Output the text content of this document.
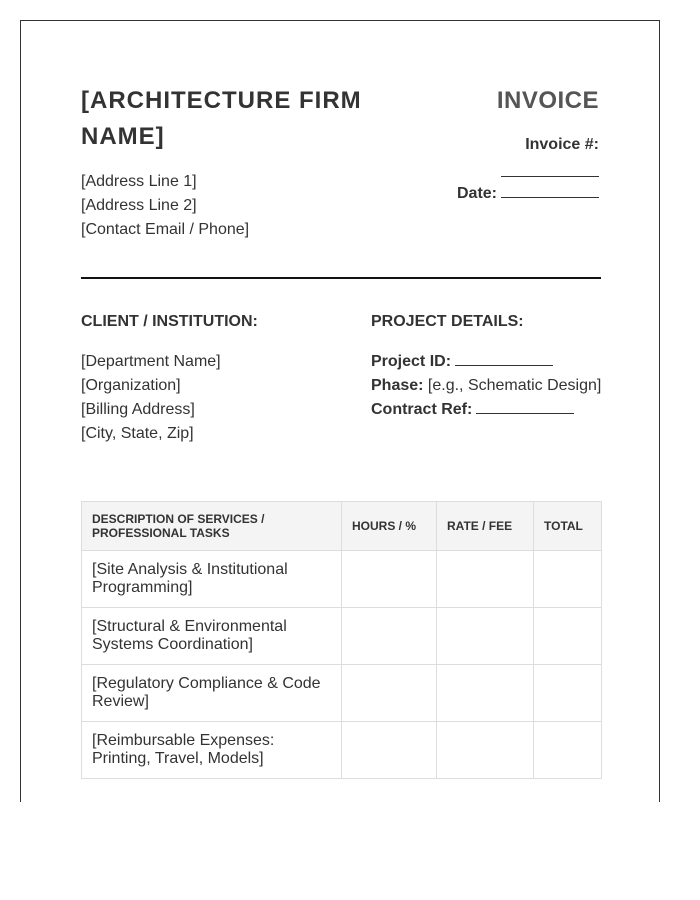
[ARCHITECTURE FIRM NAME]
[Address Line 1]
[Address Line 2]
[Contact Email / Phone]
INVOICE
Invoice #:
Date:
CLIENT / INSTITUTION:	PROJECT DETAILS:
[Department Name]
[Organization]
[Billing Address]
[City, State, Zip]
Project ID:
Phase: [e.g., Schematic Design]
Contract Ref:
DESCRIPTION OF SERVICES / PROFESSIONAL TASKS	HOURS / %	RATE / FEE	TOTAL
[Site Analysis & Institutional Programming]			
[Structural & Environmental Systems Coordination]			
[Regulatory Compliance & Code Review]			
[Reimbursable Expenses: Printing, Travel, Models]			
